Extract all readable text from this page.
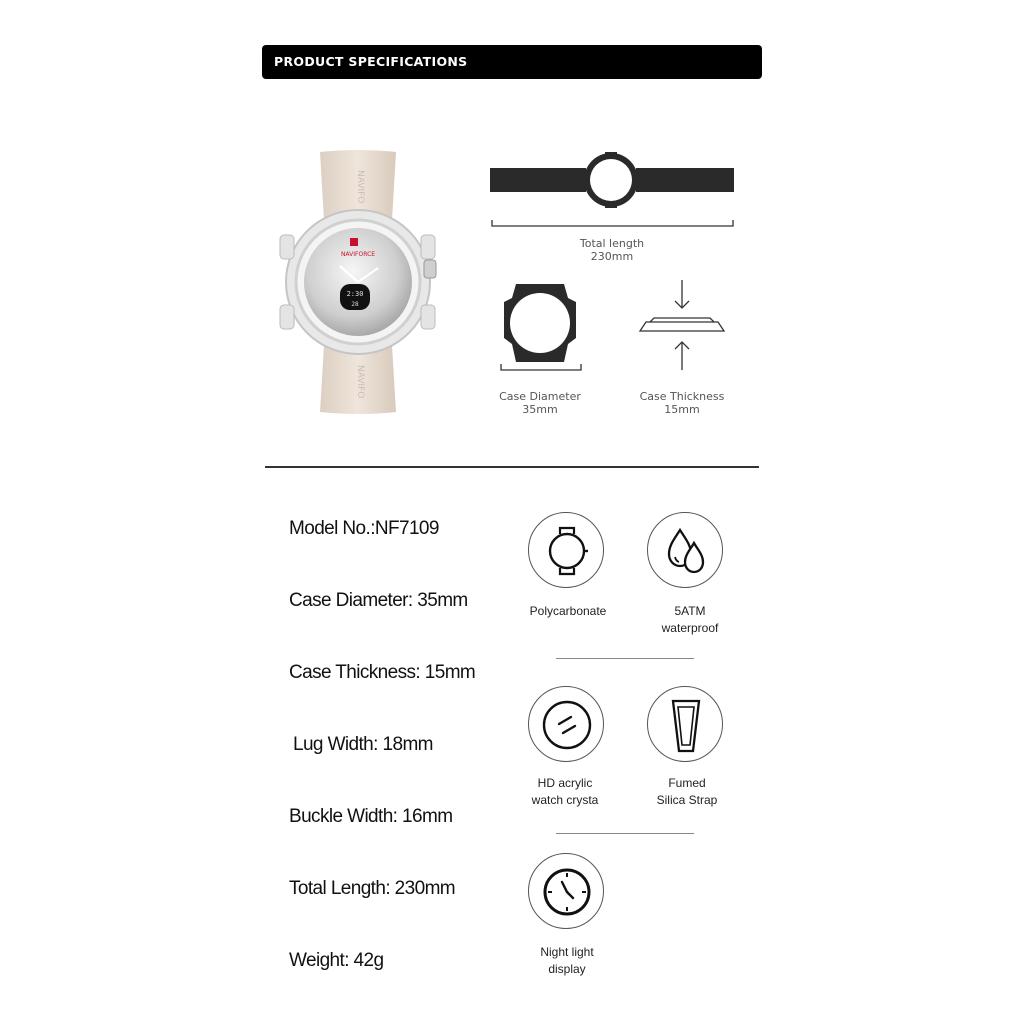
PRODUCT SPECIFICATIONS
NAVIFO
NAVIFO
NAVIFORCE
2:30
28
Total length
230mm
Case Diameter
35mm
Case Thickness
15mm
Model No.:NF7109
Case Diameter: 35mm
Case Thickness: 15mm
Lug Width: 18mm
Buckle Width: 16mm
Total Length: 230mm
Weight: 42g
Polycarbonate	5ATM
waterproof
HD acrylic
watch crysta
Fumed
Silica Strap
Night light
display
